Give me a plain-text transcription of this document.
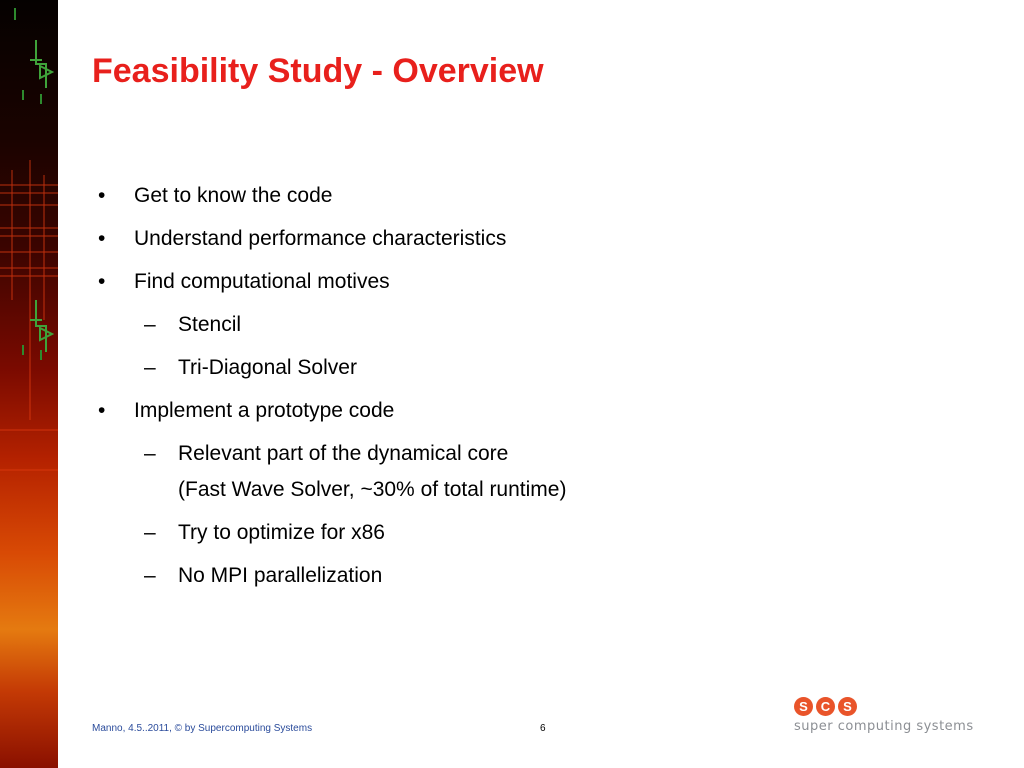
Feasibility Study - Overview
• Get to know the code
• Understand performance characteristics
• Find computational motives
– Stencil
– Tri-Diagonal Solver
• Implement a prototype code
– Relevant part of the dynamical core
(Fast Wave Solver, ~30% of total runtime)
– Try to optimize for x86
– No MPI parallelization
Manno, 4.5..2011, © by Supercomputing Systems	6
S C S
super computing systems
